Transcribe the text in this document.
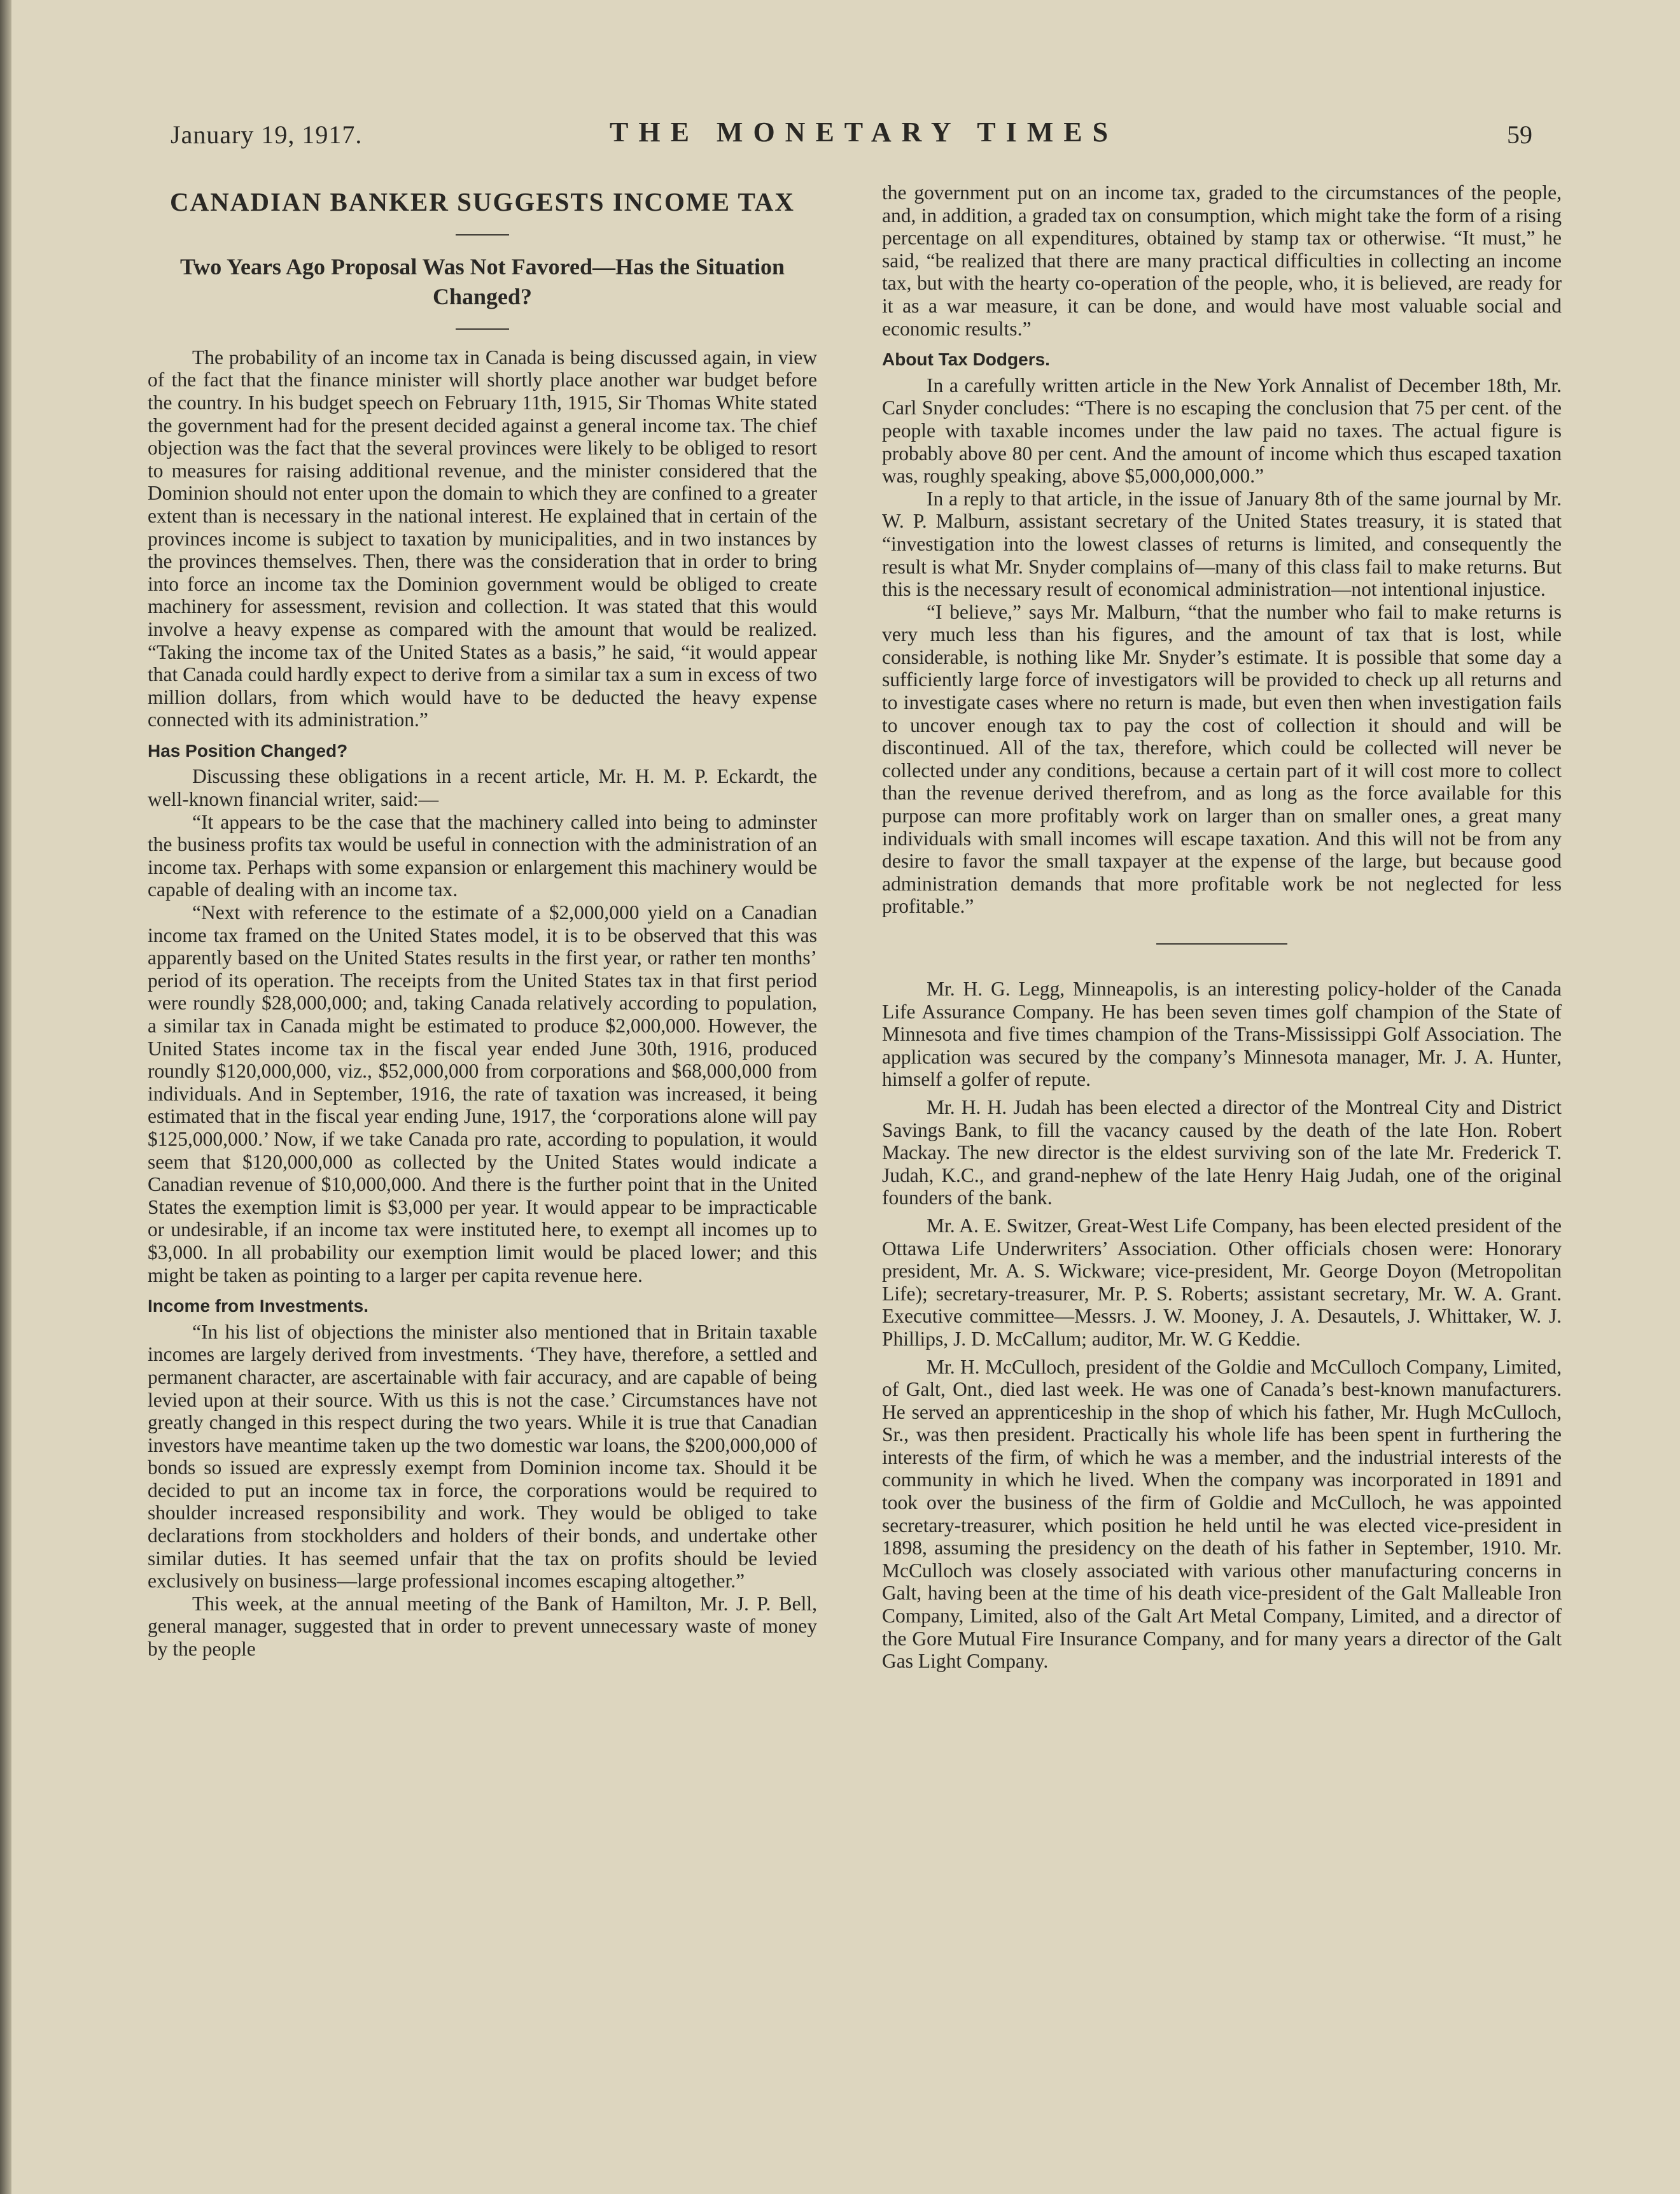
January 19, 1917.	THE MONETARY TIMES	59
CANADIAN BANKER SUGGESTS INCOME TAX
Two Years Ago Proposal Was Not Favored—Has the Situation Changed?

The probability of an income tax in Canada is being discussed again, in view of the fact that the finance minister will shortly place another war budget before the country. In his budget speech on February 11th, 1915, Sir Thomas White stated the government had for the present decided against a general income tax. The chief objection was the fact that the several provinces were likely to be obliged to resort to measures for raising additional revenue, and the minister considered that the Dominion should not enter upon the domain to which they are confined to a greater extent than is necessary in the national interest. He explained that in certain of the provinces income is subject to taxation by municipalities, and in two instances by the provinces themselves. Then, there was the consideration that in order to bring into force an income tax the Dominion government would be obliged to create machinery for assessment, revision and collection. It was stated that this would involve a heavy expense as compared with the amount that would be realized. “Taking the income tax of the United States as a basis,” he said, “it would appear that Canada could hardly expect to derive from a similar tax a sum in excess of two million dollars, from which would have to be deducted the heavy expense connected with its administration.”

Has Position Changed?

Discussing these obligations in a recent article, Mr. H. M. P. Eckardt, the well-known financial writer, said:—

“It appears to be the case that the machinery called into being to adminster the business profits tax would be useful in connection with the administration of an income tax. Perhaps with some expansion or enlargement this machinery would be capable of dealing with an income tax.

“Next with reference to the estimate of a $2,000,000 yield on a Canadian income tax framed on the United States model, it is to be observed that this was apparently based on the United States results in the first year, or rather ten months’ period of its operation. The receipts from the United States tax in that first period were roundly $28,000,000; and, taking Canada relatively according to population, a similar tax in Canada might be estimated to produce $2,000,000. However, the United States income tax in the fiscal year ended June 30th, 1916, produced roundly $120,000,000, viz., $52,000,000 from corporations and $68,000,000 from individuals. And in September, 1916, the rate of taxation was increased, it being estimated that in the fiscal year ending June, 1917, the ‘corporations alone will pay $125,000,000.’ Now, if we take Canada pro rate, according to population, it would seem that $120,000,000 as collected by the United States would indicate a Canadian revenue of $10,000,000. And there is the further point that in the United States the exemption limit is $3,000 per year. It would appear to be impracticable or undesirable, if an income tax were instituted here, to exempt all incomes up to $3,000. In all probability our exemption limit would be placed lower; and this might be taken as pointing to a larger per capita revenue here.

Income from Investments.

“In his list of objections the minister also mentioned that in Britain taxable incomes are largely derived from investments. ‘They have, therefore, a settled and permanent character, are ascertainable with fair accuracy, and are capable of being levied upon at their source. With us this is not the case.’ Circumstances have not greatly changed in this respect during the two years. While it is true that Canadian investors have meantime taken up the two domestic war loans, the $200,000,000 of bonds so issued are expressly exempt from Dominion income tax. Should it be decided to put an income tax in force, the corporations would be required to shoulder increased responsibility and work. They would be obliged to take declarations from stockholders and holders of their bonds, and undertake other similar duties. It has seemed unfair that the tax on profits should be levied exclusively on business—large professional incomes escaping altogether.”

This week, at the annual meeting of the Bank of Hamilton, Mr. J. P. Bell, general manager, suggested that in order to prevent unnecessary waste of money by the people

the government put on an income tax, graded to the circumstances of the people, and, in addition, a graded tax on consumption, which might take the form of a rising percentage on all expenditures, obtained by stamp tax or otherwise. “It must,” he said, “be realized that there are many practical difficulties in collecting an income tax, but with the hearty co-operation of the people, who, it is believed, are ready for it as a war measure, it can be done, and would have most valuable social and economic results.”

About Tax Dodgers.

In a carefully written article in the New York Annalist of December 18th, Mr. Carl Snyder concludes: “There is no escaping the conclusion that 75 per cent. of the people with taxable incomes under the law paid no taxes. The actual figure is probably above 80 per cent. And the amount of income which thus escaped taxation was, roughly speaking, above $5,000,000,000.”

In a reply to that article, in the issue of January 8th of the same journal by Mr. W. P. Malburn, assistant secretary of the United States treasury, it is stated that “investigation into the lowest classes of returns is limited, and consequently the result is what Mr. Snyder complains of—many of this class fail to make returns. But this is the necessary result of economical administration—not intentional injustice.

“I believe,” says Mr. Malburn, “that the number who fail to make returns is very much less than his figures, and the amount of tax that is lost, while considerable, is nothing like Mr. Snyder’s estimate. It is possible that some day a sufficiently large force of investigators will be provided to check up all returns and to investigate cases where no return is made, but even then when investigation fails to uncover enough tax to pay the cost of collection it should and will be discontinued. All of the tax, therefore, which could be collected will never be collected under any conditions, because a certain part of it will cost more to collect than the revenue derived therefrom, and as long as the force available for this purpose can more profitably work on larger than on smaller ones, a great many individuals with small incomes will escape taxation. And this will not be from any desire to favor the small taxpayer at the expense of the large, but because good administration demands that more profitable work be not neglected for less profitable.”

Mr. H. G. Legg, Minneapolis, is an interesting policy-holder of the Canada Life Assurance Company. He has been seven times golf champion of the State of Minnesota and five times champion of the Trans-Mississippi Golf Association. The application was secured by the company’s Minnesota manager, Mr. J. A. Hunter, himself a golfer of repute.

Mr. H. H. Judah has been elected a director of the Montreal City and District Savings Bank, to fill the vacancy caused by the death of the late Hon. Robert Mackay. The new director is the eldest surviving son of the late Mr. Frederick T. Judah, K.C., and grand-nephew of the late Henry Haig Judah, one of the original founders of the bank.

Mr. A. E. Switzer, Great-West Life Company, has been elected president of the Ottawa Life Underwriters’ Association. Other officials chosen were: Honorary president, Mr. A. S. Wickware; vice-president, Mr. George Doyon (Metropolitan Life); secretary-treasurer, Mr. P. S. Roberts; assistant secretary, Mr. W. A. Grant. Executive committee—Messrs. J. W. Mooney, J. A. Desautels, J. Whittaker, W. J. Phillips, J. D. McCallum; auditor, Mr. W. G Keddie.

Mr. H. McCulloch, president of the Goldie and McCulloch Company, Limited, of Galt, Ont., died last week. He was one of Canada’s best-known manufacturers. He served an apprenticeship in the shop of which his father, Mr. Hugh McCulloch, Sr., was then president. Practically his whole life has been spent in furthering the interests of the firm, of which he was a member, and the industrial interests of the community in which he lived. When the company was incorporated in 1891 and took over the business of the firm of Goldie and McCulloch, he was appointed secretary-treasurer, which position he held until he was elected vice-president in 1898, assuming the presidency on the death of his father in September, 1910. Mr. McCulloch was closely associated with various other manufacturing concerns in Galt, having been at the time of his death vice-president of the Galt Malleable Iron Company, Limited, also of the Galt Art Metal Company, Limited, and a director of the Gore Mutual Fire Insurance Company, and for many years a director of the Galt Gas Light Company.
